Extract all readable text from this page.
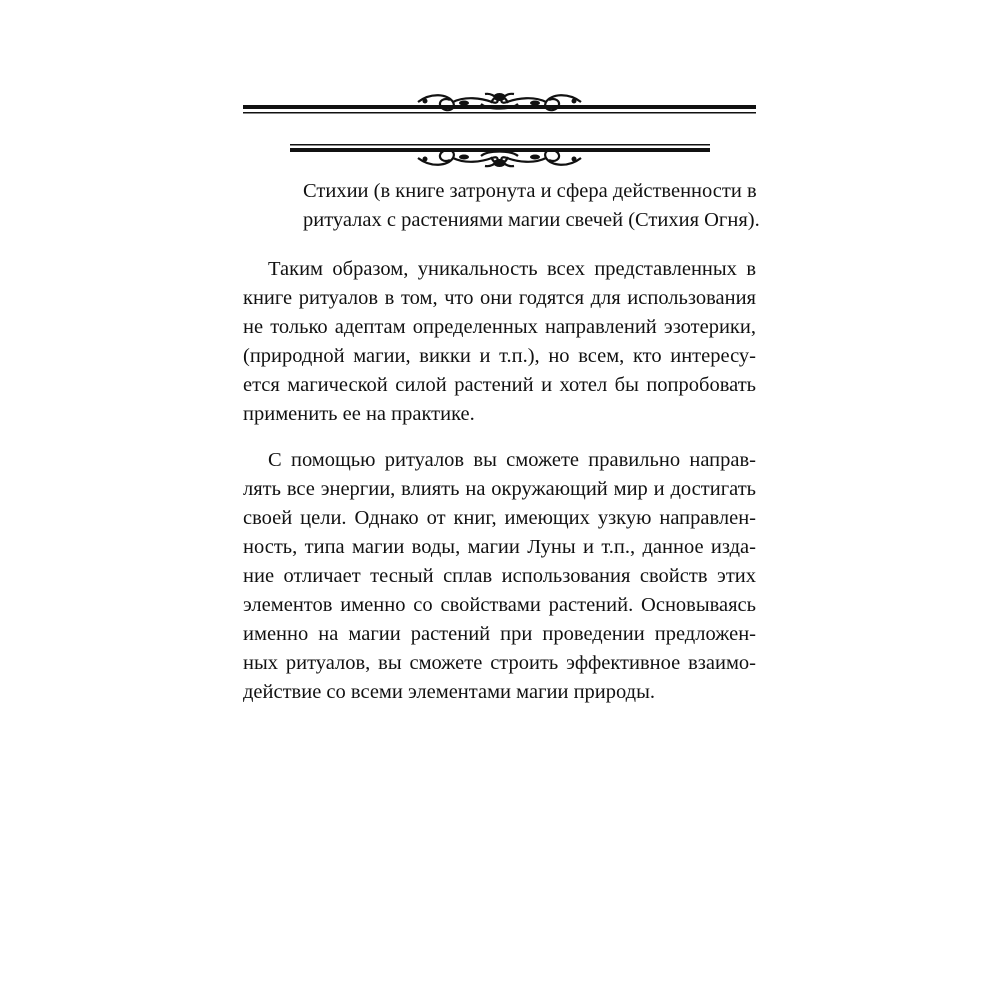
Стихии (в книге затронута и сфера действенности в

ритуалах с растениями магии свечей (Стихия Огня).

Таким образом, уникальность всех представленных в

книге ритуалов в том, что они годятся для использования

не только адептам определенных направлений эзотерики,

(природной магии, викки и т.п.), но всем, кто интересу-

ется магической силой растений и хотел бы попробовать

применить ее на практике.

С помощью ритуалов вы сможете правильно направ-

лять все энергии, влиять на окружающий мир и достигать

своей цели. Однако от книг, имеющих узкую направлен-

ность, типа магии воды, магии Луны и т.п., данное изда-

ние отличает тесный сплав использования свойств этих

элементов именно со свойствами растений. Основываясь

именно на магии растений при проведении предложен-

ных ритуалов, вы сможете строить эффективное взаимо-

действие со всеми элементами магии природы.
